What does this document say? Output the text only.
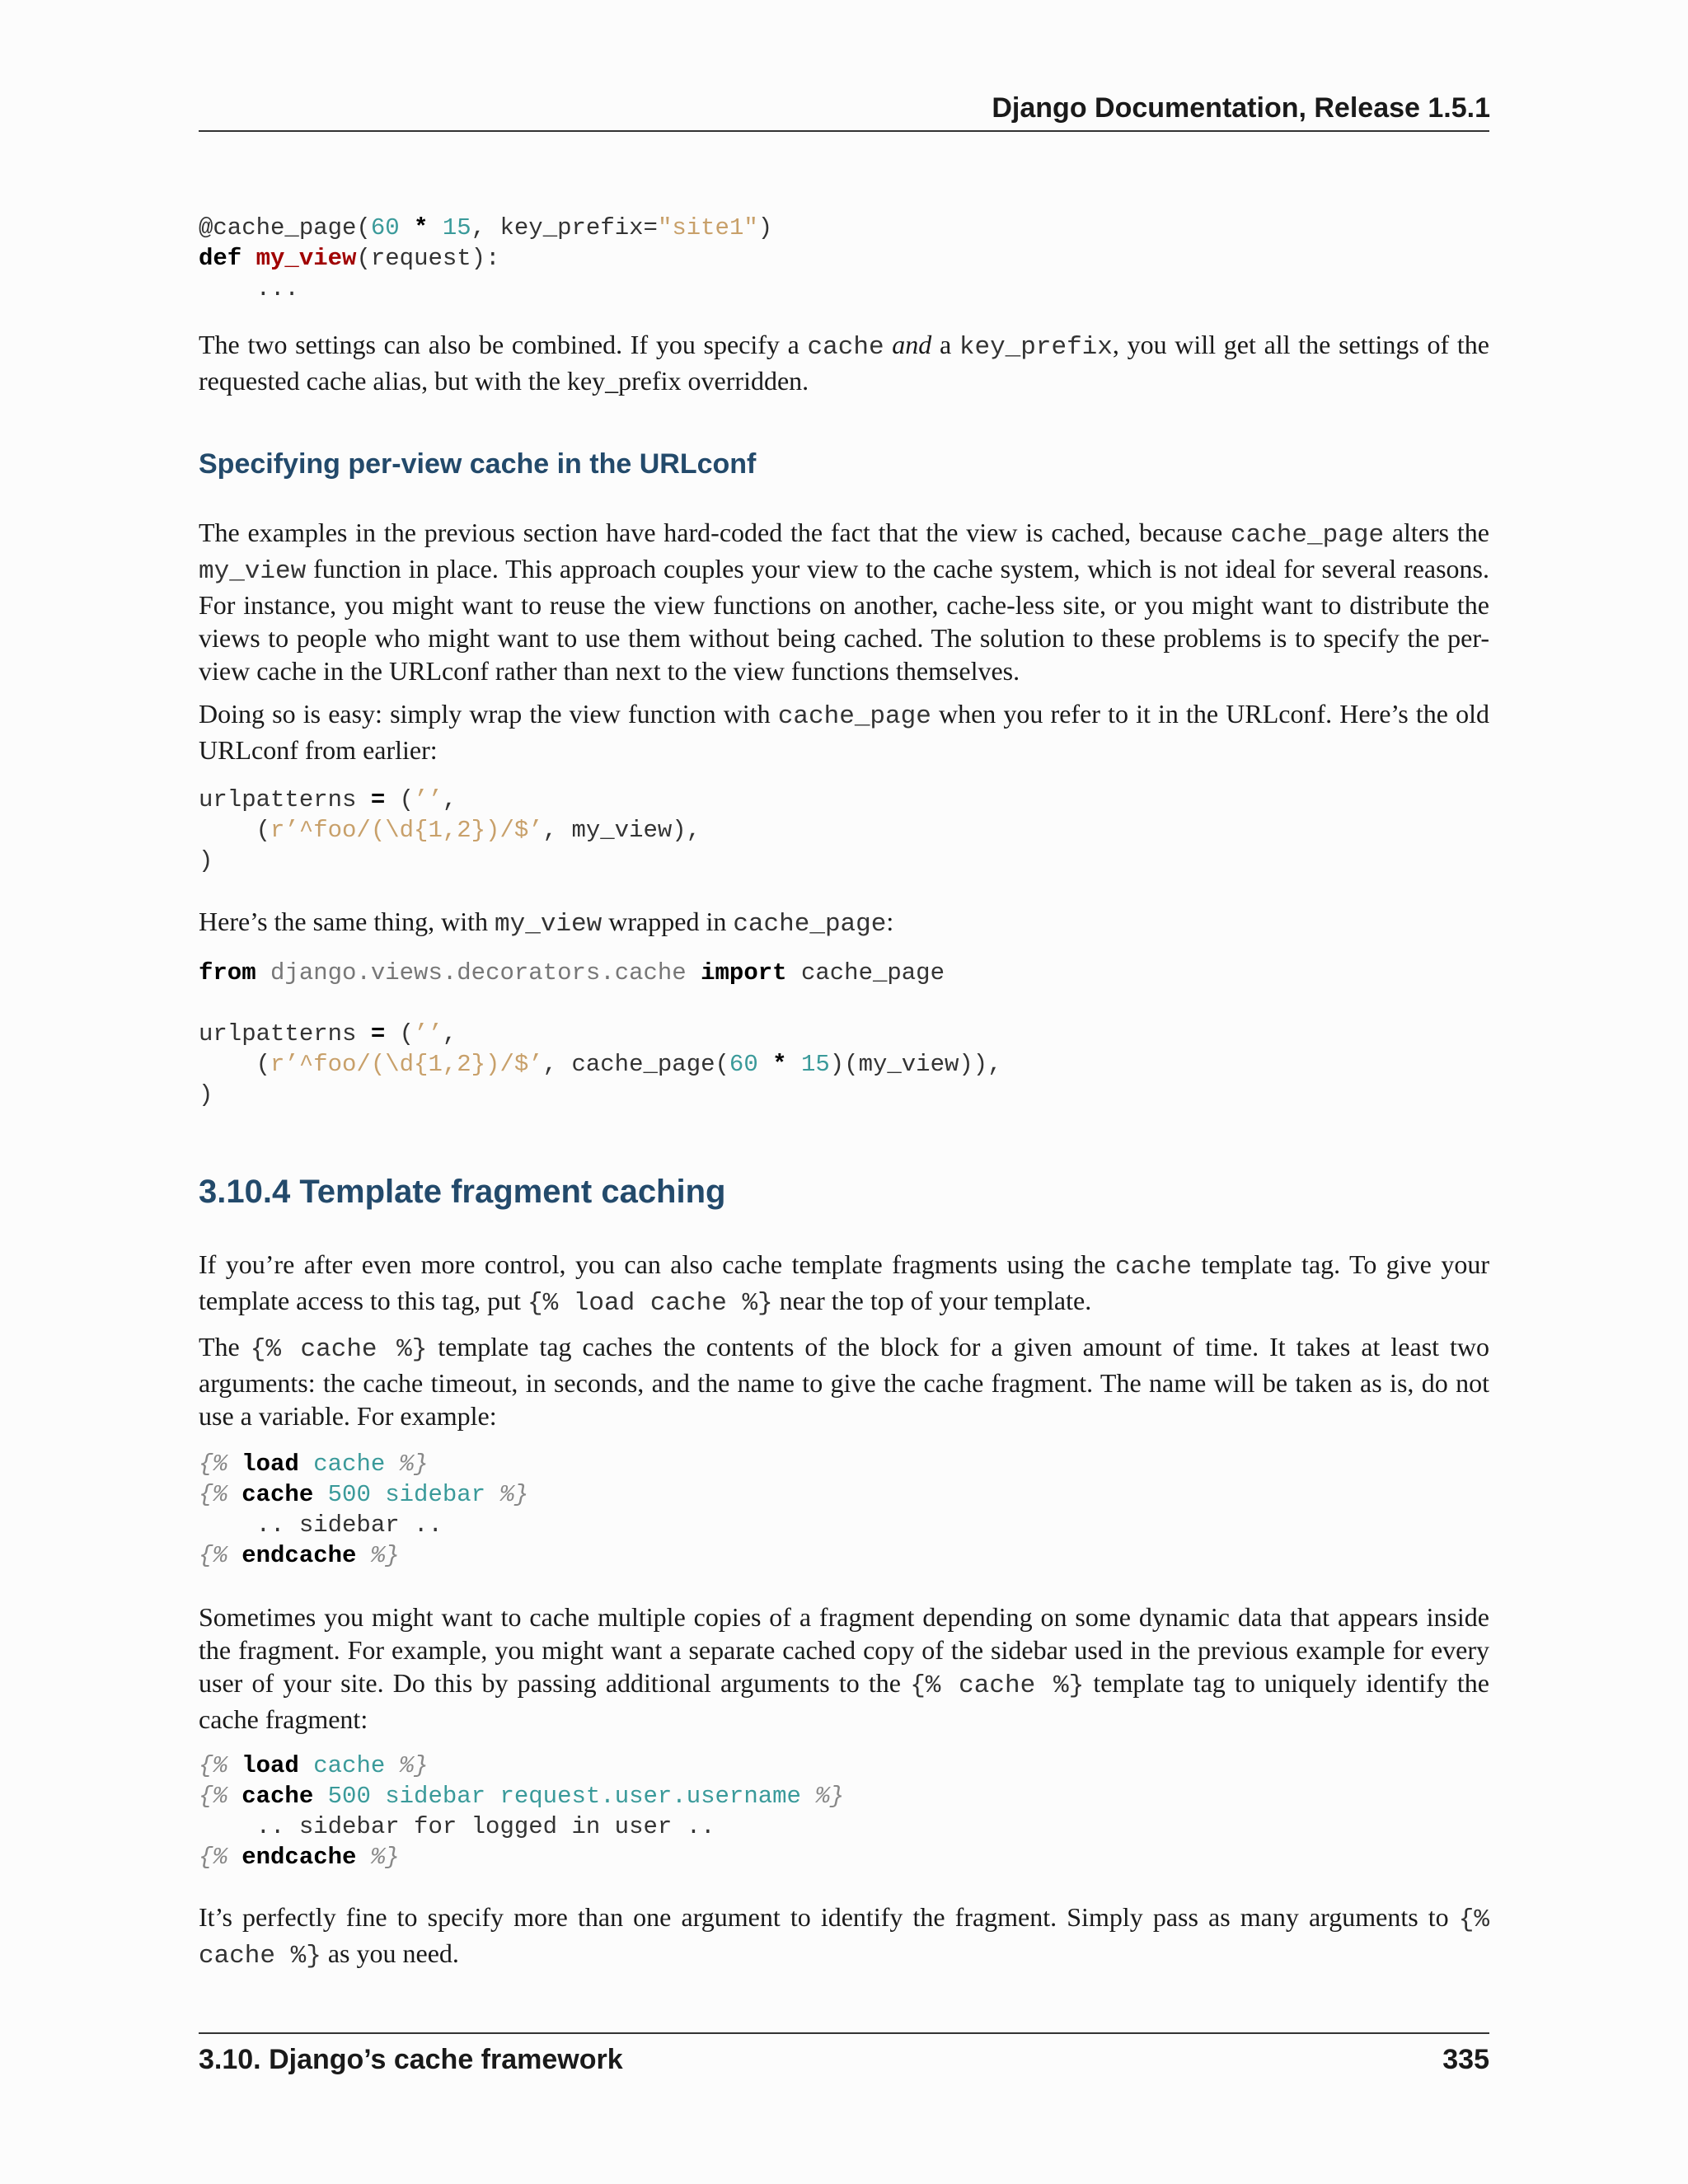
Django Documentation, Release 1.5.1
@cache_page(60 * 15, key_prefix="site1")
def my_view(request):
...

The two settings can also be combined. If you specify a cache and a key_prefix, you will get all the settings of the requested cache alias, but with the key_prefix overridden.

Specifying per-view cache in the URLconf

The examples in the previous section have hard-coded the fact that the view is cached, because cache_page alters the my_view function in place. This approach couples your view to the cache system, which is not ideal for several reasons. For instance, you might want to reuse the view functions on another, cache-less site, or you might want to distribute the views to people who might want to use them without being cached. The solution to these problems is to specify the per-view cache in the URLconf rather than next to the view functions themselves.

Doing so is easy: simply wrap the view function with cache_page when you refer to it in the URLconf. Here’s the old URLconf from earlier:

urlpatterns = (’’,
(r’^foo/(\d{1,2})/$’, my_view),
)

Here’s the same thing, with my_view wrapped in cache_page:

from django.views.decorators.cache import cache_page

urlpatterns = (’’,
(r’^foo/(\d{1,2})/$’, cache_page(60 * 15)(my_view)),
)
3.10.4 Template fragment caching

If you’re after even more control, you can also cache template fragments using the cache template tag. To give your template access to this tag, put {% load cache %} near the top of your template.

The {% cache %} template tag caches the contents of the block for a given amount of time. It takes at least two arguments: the cache timeout, in seconds, and the name to give the cache fragment. The name will be taken as is, do not use a variable. For example:

{% load cache %}
{% cache 500 sidebar %}
.. sidebar ..
{% endcache %}

Sometimes you might want to cache multiple copies of a fragment depending on some dynamic data that appears inside the fragment. For example, you might want a separate cached copy of the sidebar used in the previous example for every user of your site. Do this by passing additional arguments to the {% cache %} template tag to uniquely identify the cache fragment:

{% load cache %}
{% cache 500 sidebar request.user.username %}
.. sidebar for logged in user ..
{% endcache %}

It’s perfectly fine to specify more than one argument to identify the fragment. Simply pass as many arguments to {% cache %} as you need.

3.10. Django’s cache framework	335
